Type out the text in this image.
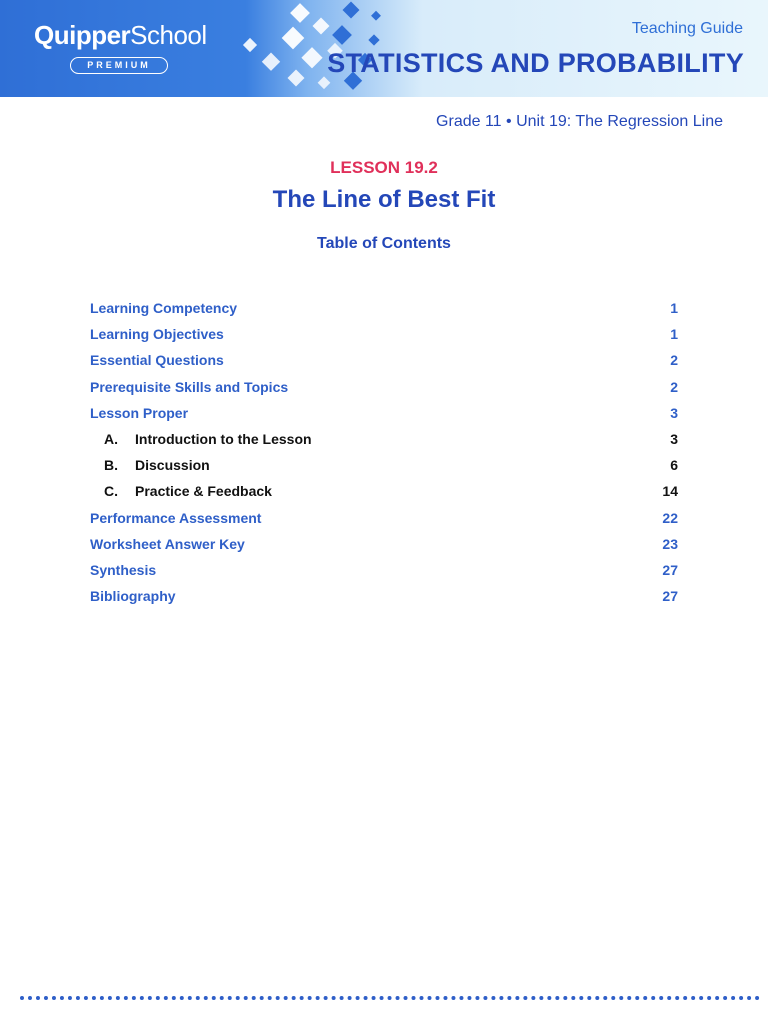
QuipperSchool
PREMIUM
Teaching Guide
STATISTICS AND PROBABILITY
Grade 11 • Unit 19: The Regression Line
LESSON 19.2
The Line of Best Fit
Table of Contents
Learning Competency	1
Learning Objectives	1
Essential Questions	2
Prerequisite Skills and Topics	2
Lesson Proper	3
A. Introduction to the Lesson	3
B. Discussion	6
C. Practice & Feedback	14
Performance Assessment	22
Worksheet Answer Key	23
Synthesis	27
Bibliography	27
